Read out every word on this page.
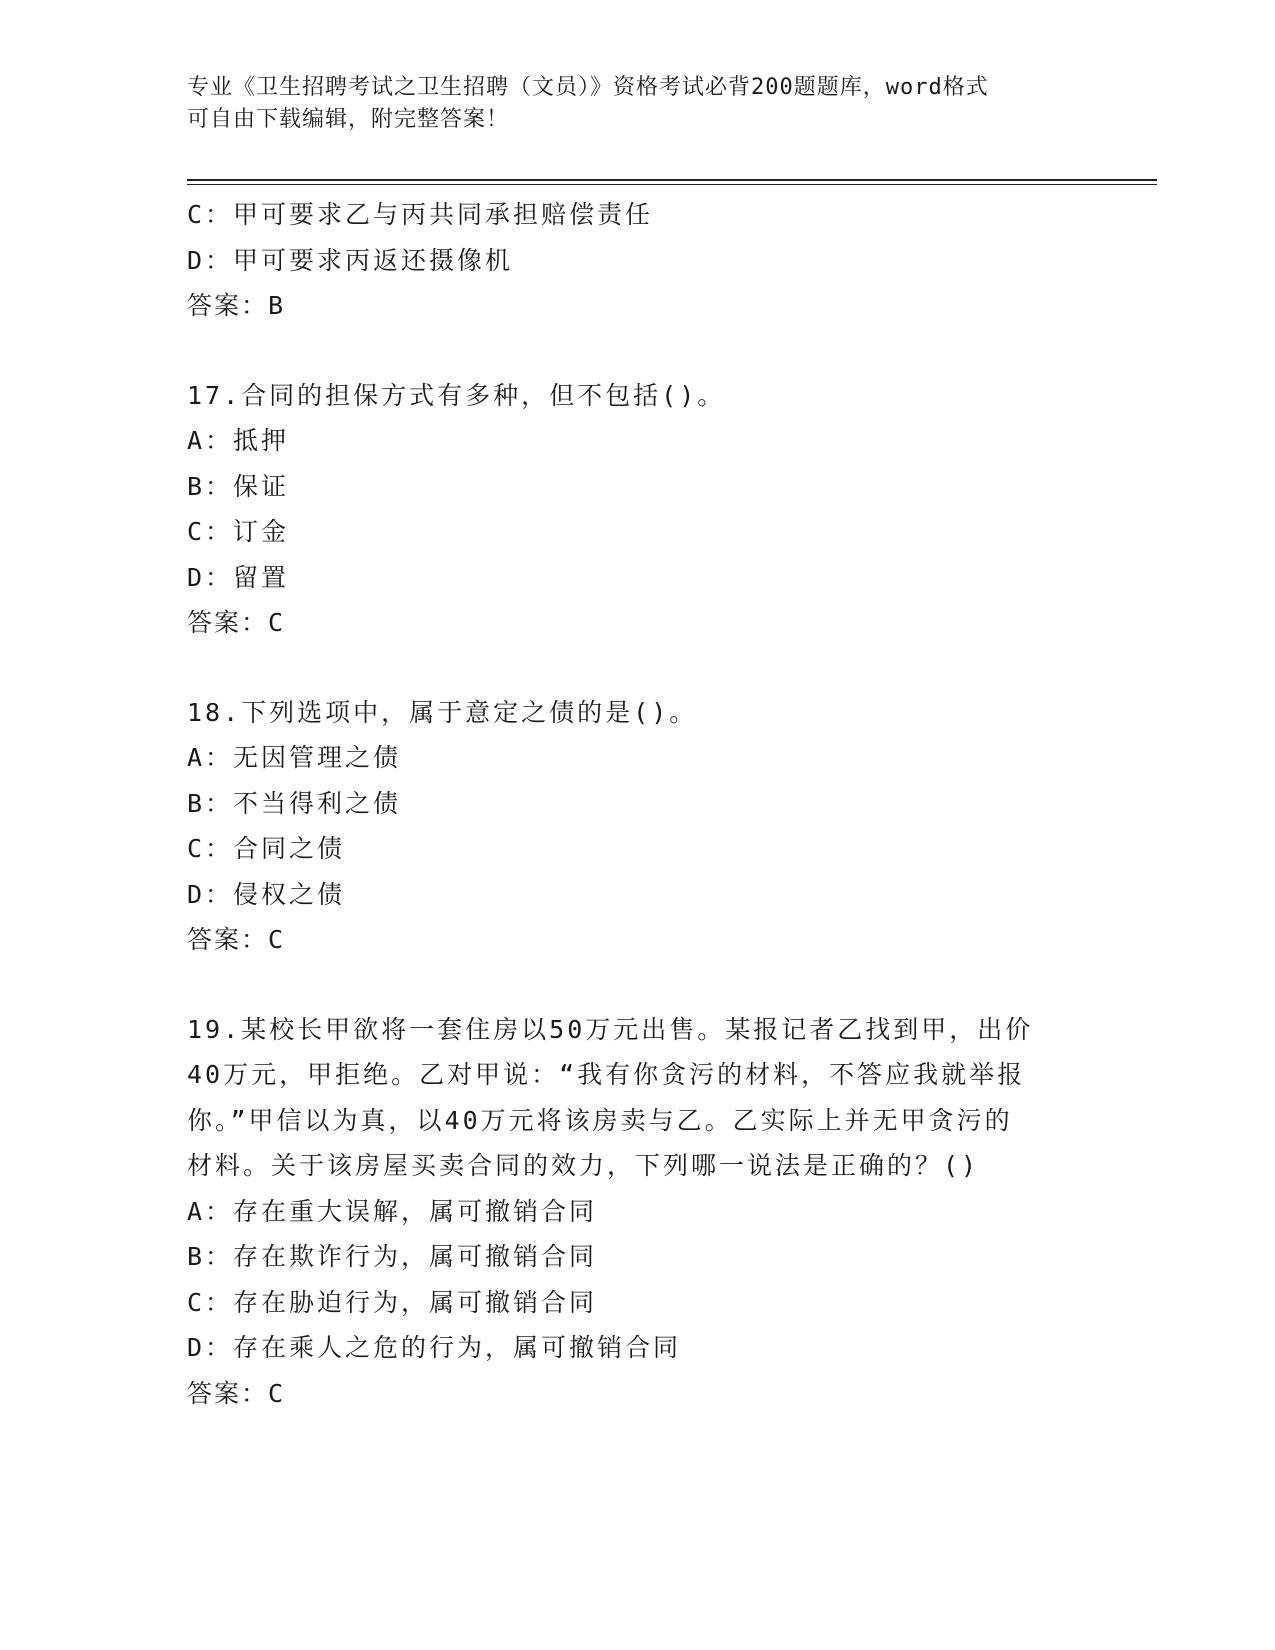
专业《卫生招聘考试之卫生招聘（文员）》资格考试必背200题题库，word格式
可自由下载编辑，附完整答案！
C：甲可要求乙与丙共同承担赔偿责任
D：甲可要求丙返还摄像机
答案：B
17.合同的担保方式有多种，但不包括()。
A：抵押
B：保证
C：订金
D：留置
答案：C
18.下列选项中，属于意定之债的是()。
A：无因管理之债
B：不当得利之债
C：合同之债
D：侵权之债
答案：C
19.某校长甲欲将一套住房以50万元出售。某报记者乙找到甲，出价
40万元，甲拒绝。乙对甲说：“我有你贪污的材料，不答应我就举报
你。”甲信以为真，以40万元将该房卖与乙。乙实际上并无甲贪污的
材料。关于该房屋买卖合同的效力，下列哪一说法是正确的？()
A：存在重大误解，属可撤销合同
B：存在欺诈行为，属可撤销合同
C：存在胁迫行为，属可撤销合同
D：存在乘人之危的行为，属可撤销合同
答案：C
